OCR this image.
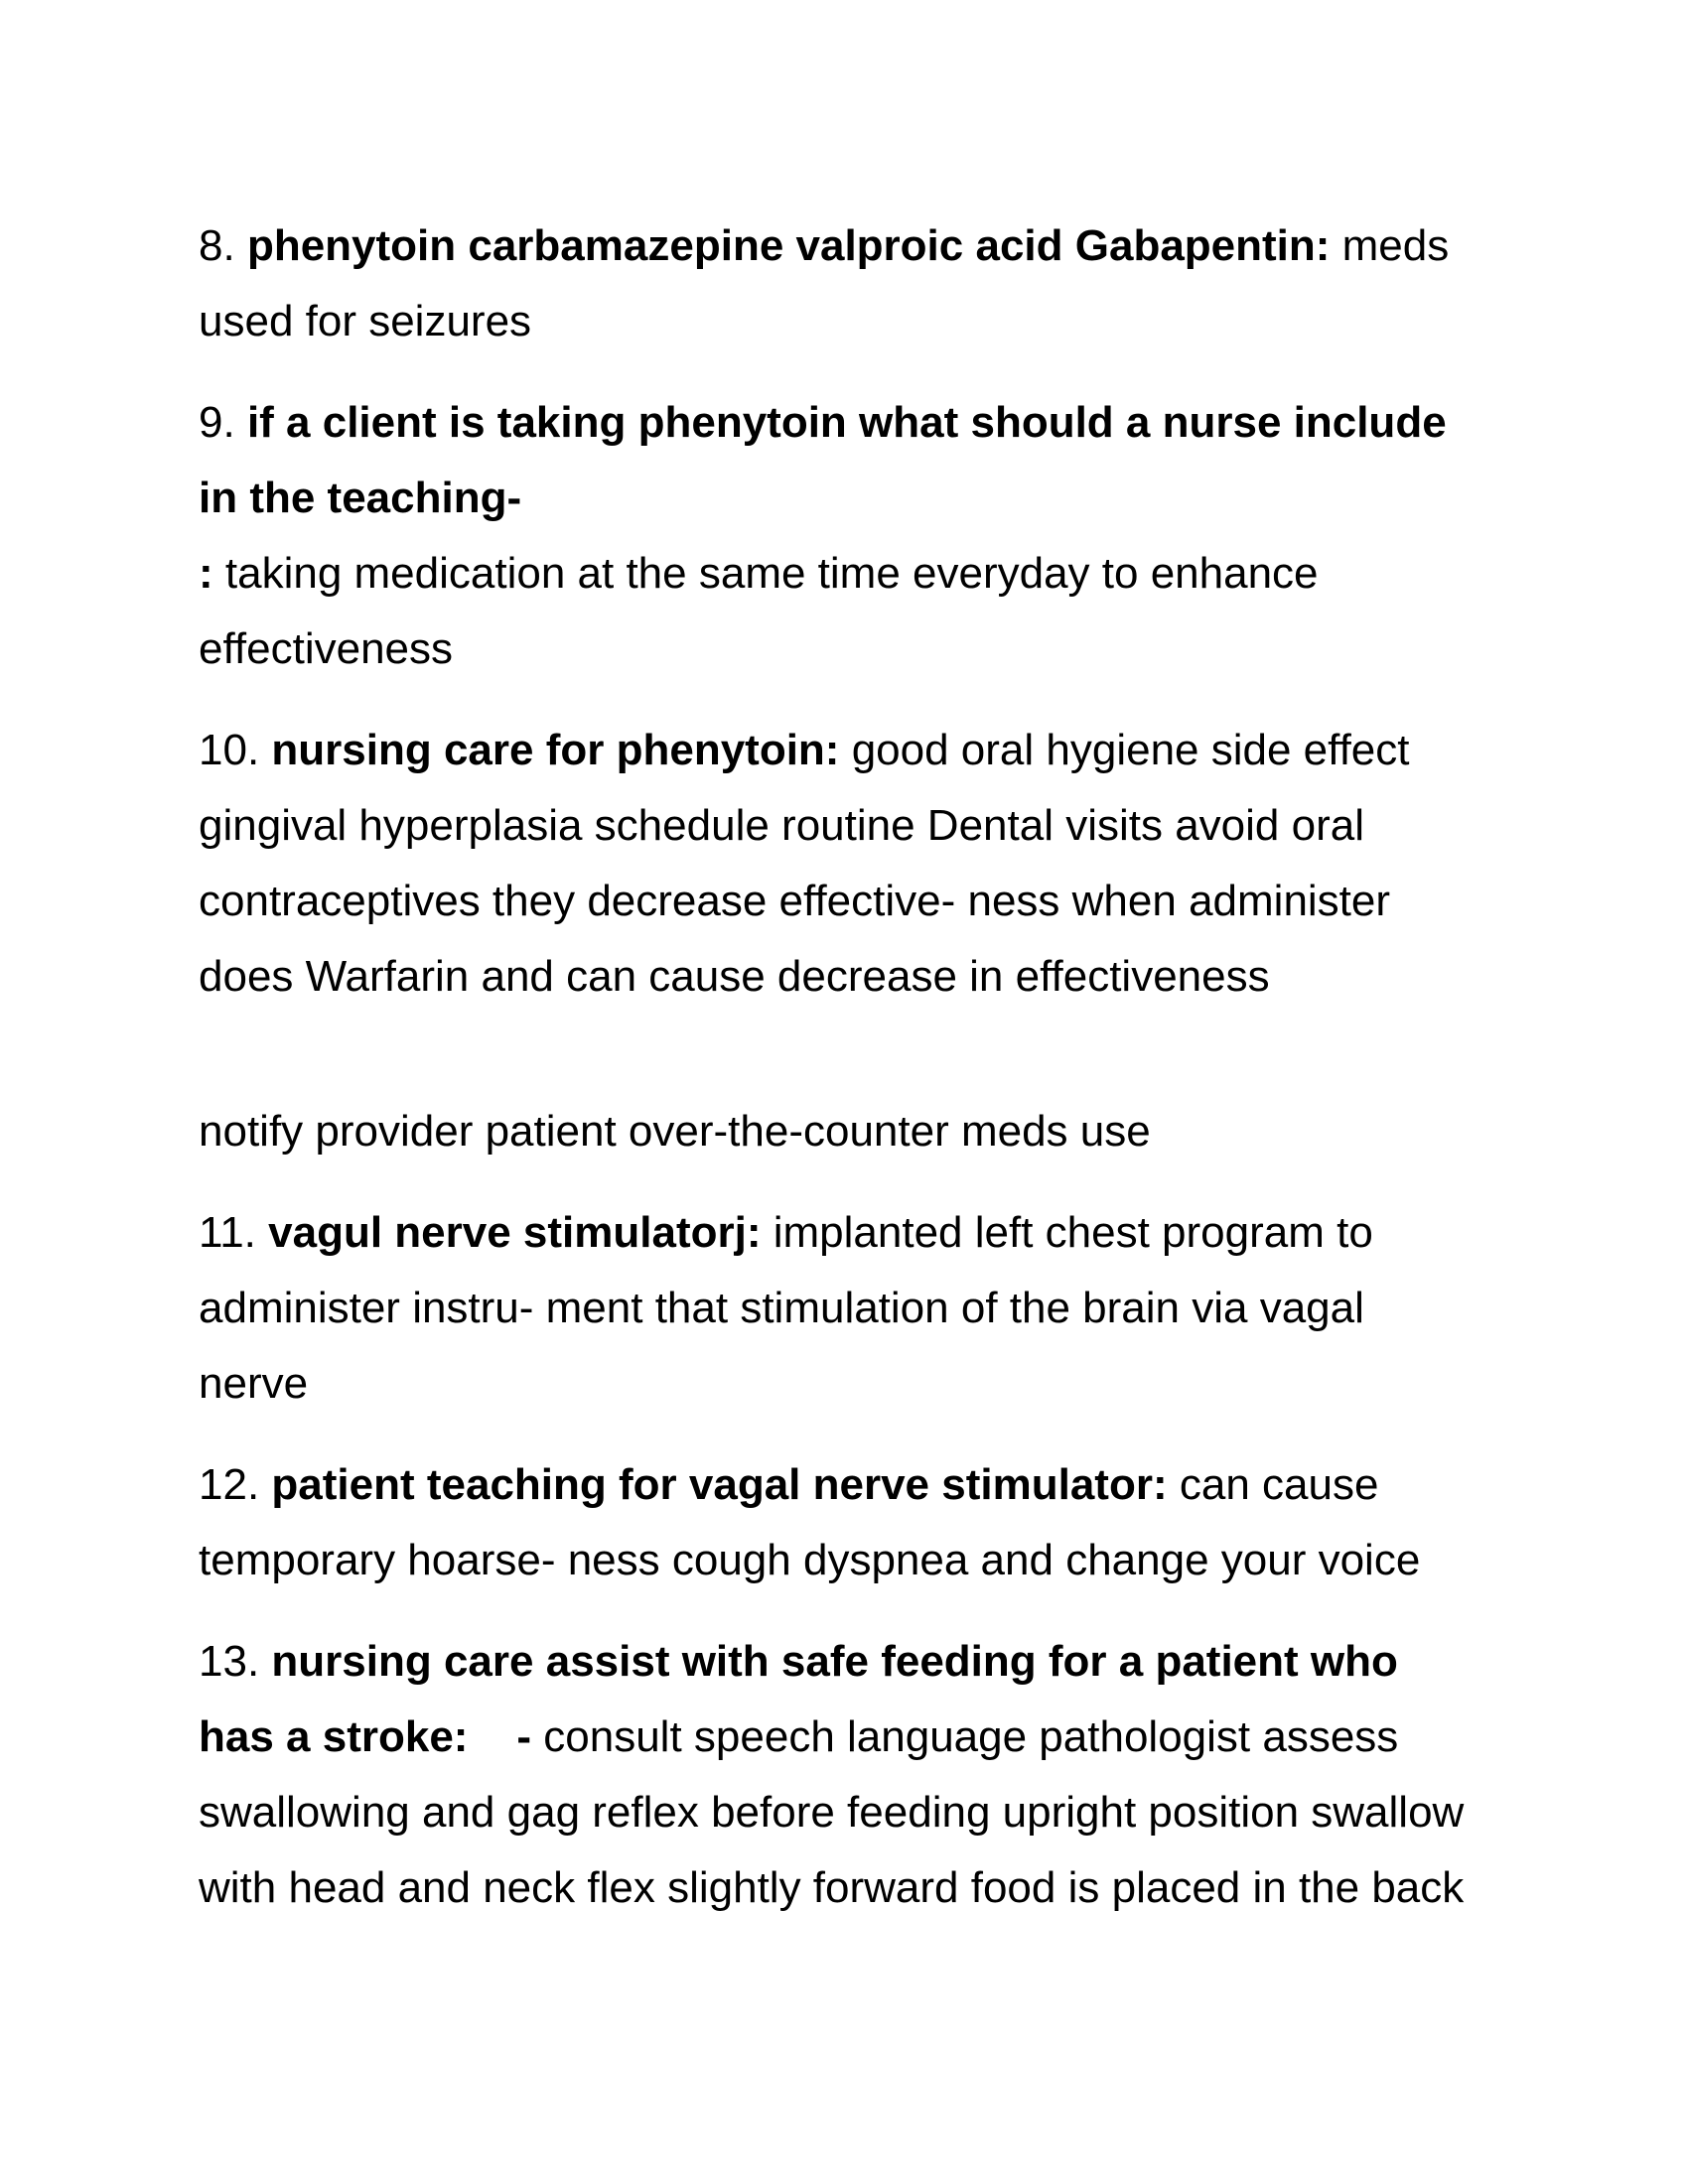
8. phenytoin carbamazepine valproic acid Gabapentin: meds

used for seizures

9. if a client is taking phenytoin what should a nurse include

in the teaching-

: taking medication at the same time everyday to enhance

effectiveness

10. nursing care for phenytoin: good oral hygiene side effect

gingival hyperplasia schedule routine Dental visits avoid oral

contraceptives they decrease effective- ness when administer

does Warfarin and can cause decrease in effectiveness

notify provider patient over-the-counter meds use

11. vagul nerve stimulatorj: implanted left chest program to

administer instru- ment that stimulation of the brain via vagal

nerve

12. patient teaching for vagal nerve stimulator: can cause

temporary hoarse- ness cough dyspnea and change your voice

13. nursing care assist with safe feeding for a patient who

has a stroke: - consult speech language pathologist assess

swallowing and gag reflex before feeding upright position swallow

with head and neck flex slightly forward food is placed in the back
